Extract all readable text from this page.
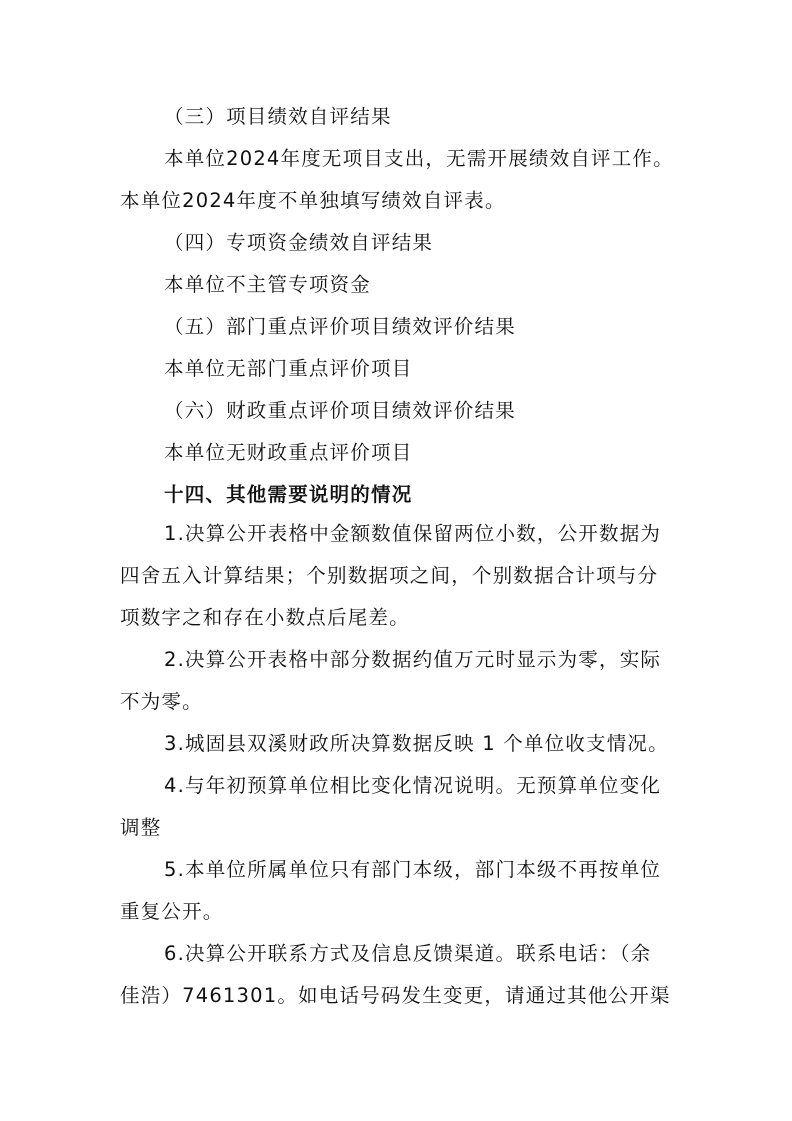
（三）项目绩效自评结果
本单位2024年度无项目支出，无需开展绩效自评工作。
本单位2024年度不单独填写绩效自评表。
（四）专项资金绩效自评结果
本单位不主管专项资金
（五）部门重点评价项目绩效评价结果
本单位无部门重点评价项目
（六）财政重点评价项目绩效评价结果
本单位无财政重点评价项目
十四、其他需要说明的情况
1.决算公开表格中金额数值保留两位小数，公开数据为
四舍五入计算结果；个别数据项之间，个别数据合计项与分
项数字之和存在小数点后尾差。
2.决算公开表格中部分数据约值万元时显示为零，实际
不为零。
3.城固县双溪财政所决算数据反映 1 个单位收支情况。
4.与年初预算单位相比变化情况说明。无预算单位变化
调整
5.本单位所属单位只有部门本级，部门本级不再按单位
重复公开。
6.决算公开联系方式及信息反馈渠道。联系电话：（余
佳浩）7461301。如电话号码发生变更，请通过其他公开渠
